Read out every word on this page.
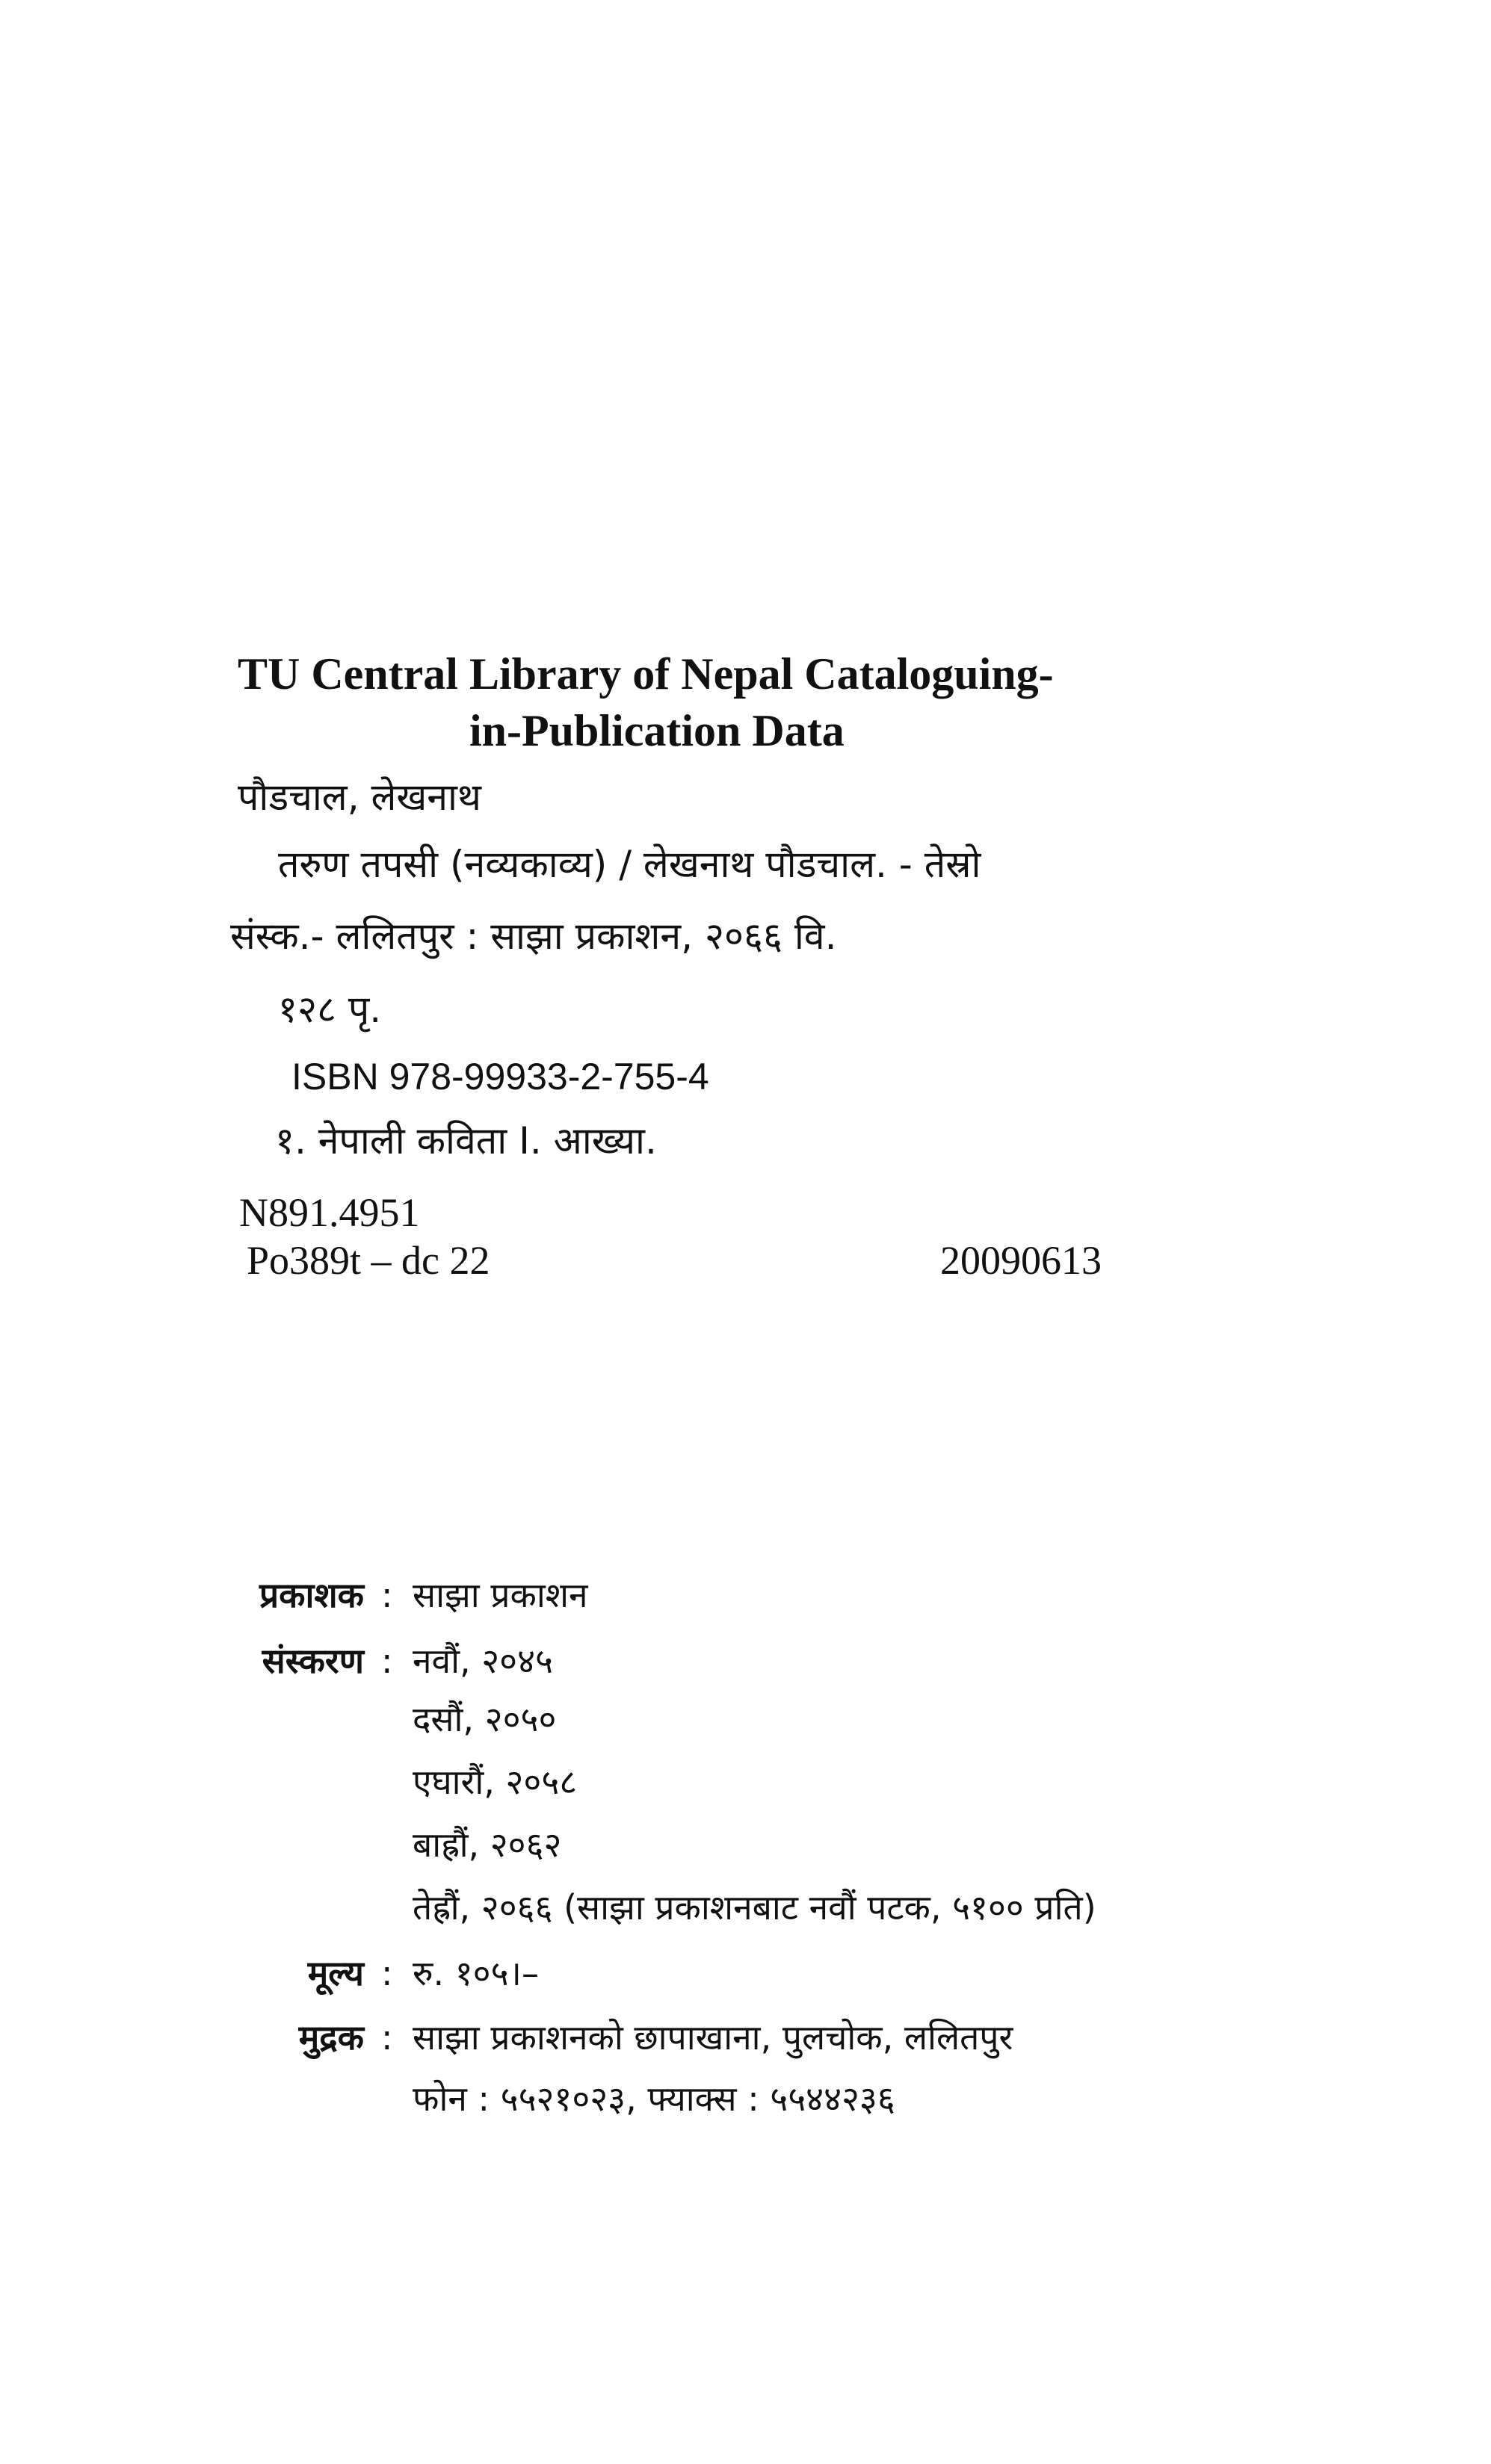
TU Central Library of Nepal Cataloguing-
in-Publication Data
पौडचाल, लेखनाथ
तरुण तपसी (नव्यकाव्य) / लेखनाथ पौडचाल. - तेस्रो
संस्क.- ललितपुर : साझा प्रकाशन, २०६६ वि.
१२८ पृ.
ISBN 978-99933-2-755-4
१. नेपाली कविता I. आख्या.
N891.4951
Po389t – dc 22	20090613
प्रकाशक : साझा प्रकाशन
संस्करण : नवौं, २०४५
दसौं, २०५०
एघारौं, २०५८
बाह्रौं, २०६२
तेह्रौं, २०६६ (साझा प्रकाशनबाट नवौं पटक, ५१०० प्रति)
मूल्य : रु. १०५।–
मुद्रक : साझा प्रकाशनको छापाखाना, पुलचोक, ललितपुर
फोन : ५५२१०२३, फ्याक्स : ५५४४२३६
